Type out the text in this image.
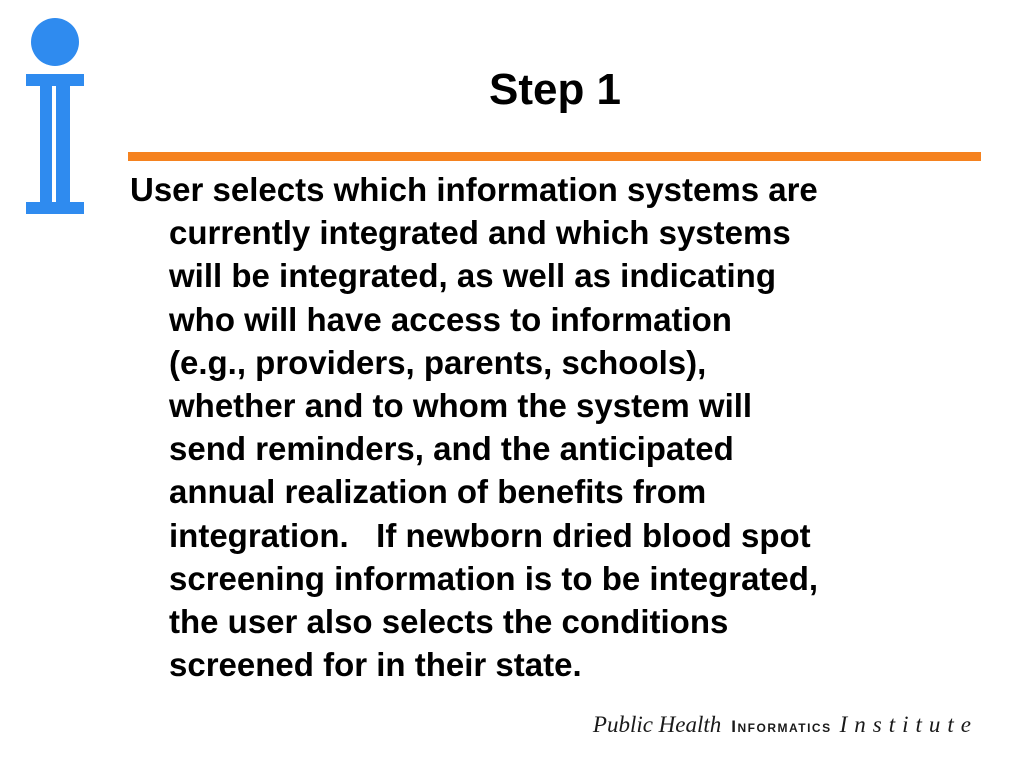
Step 1

User selects which information systems are
currently integrated and which systems
will be integrated, as well as indicating
who will have access to information
(e.g., providers, parents, schools),
whether and to whom the system will
send reminders, and the anticipated
annual realization of benefits from
integration.   If newborn dried blood spot
screening information is to be integrated,
the user also selects the conditions
screened for in their state.

Public Health Informatics Institute
